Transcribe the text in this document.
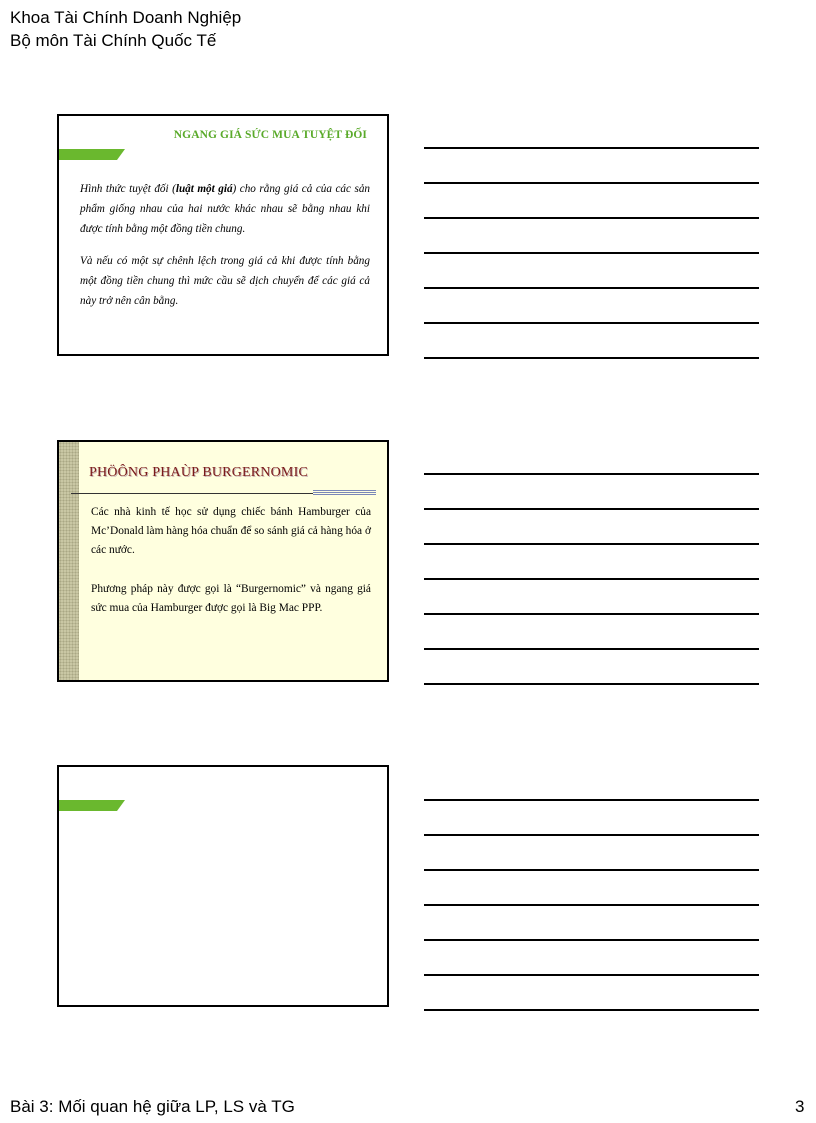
Khoa Tài Chính Doanh Nghiệp
Bộ môn Tài Chính Quốc Tế
NGANG GIÁ SỨC MUA TUYỆT ĐỐI

Hình thức tuyệt đối (luật một giá) cho rằng giá cả của các sản phẩm giống nhau của hai nước khác nhau sẽ bằng nhau khi được tính bằng một đồng tiền chung.

Và nếu có một sự chênh lệch trong giá cả khi được tính bằng một đồng tiền chung thì mức cầu sẽ dịch chuyển để các giá cả này trở nên cân bằng.

PHÖÔNG PHAÙP BURGERNOMIC

Các nhà kinh tế học sử dụng chiếc bánh Hamburger của Mc’Donald làm hàng hóa chuẩn để so sánh giá cả hàng hóa ở các nước.

Phương pháp này được gọi là “Burgernomic” và ngang giá sức mua của Hamburger được gọi là Big Mac PPP.

Bài 3: Mối quan hệ giữa LP, LS và TG	3
